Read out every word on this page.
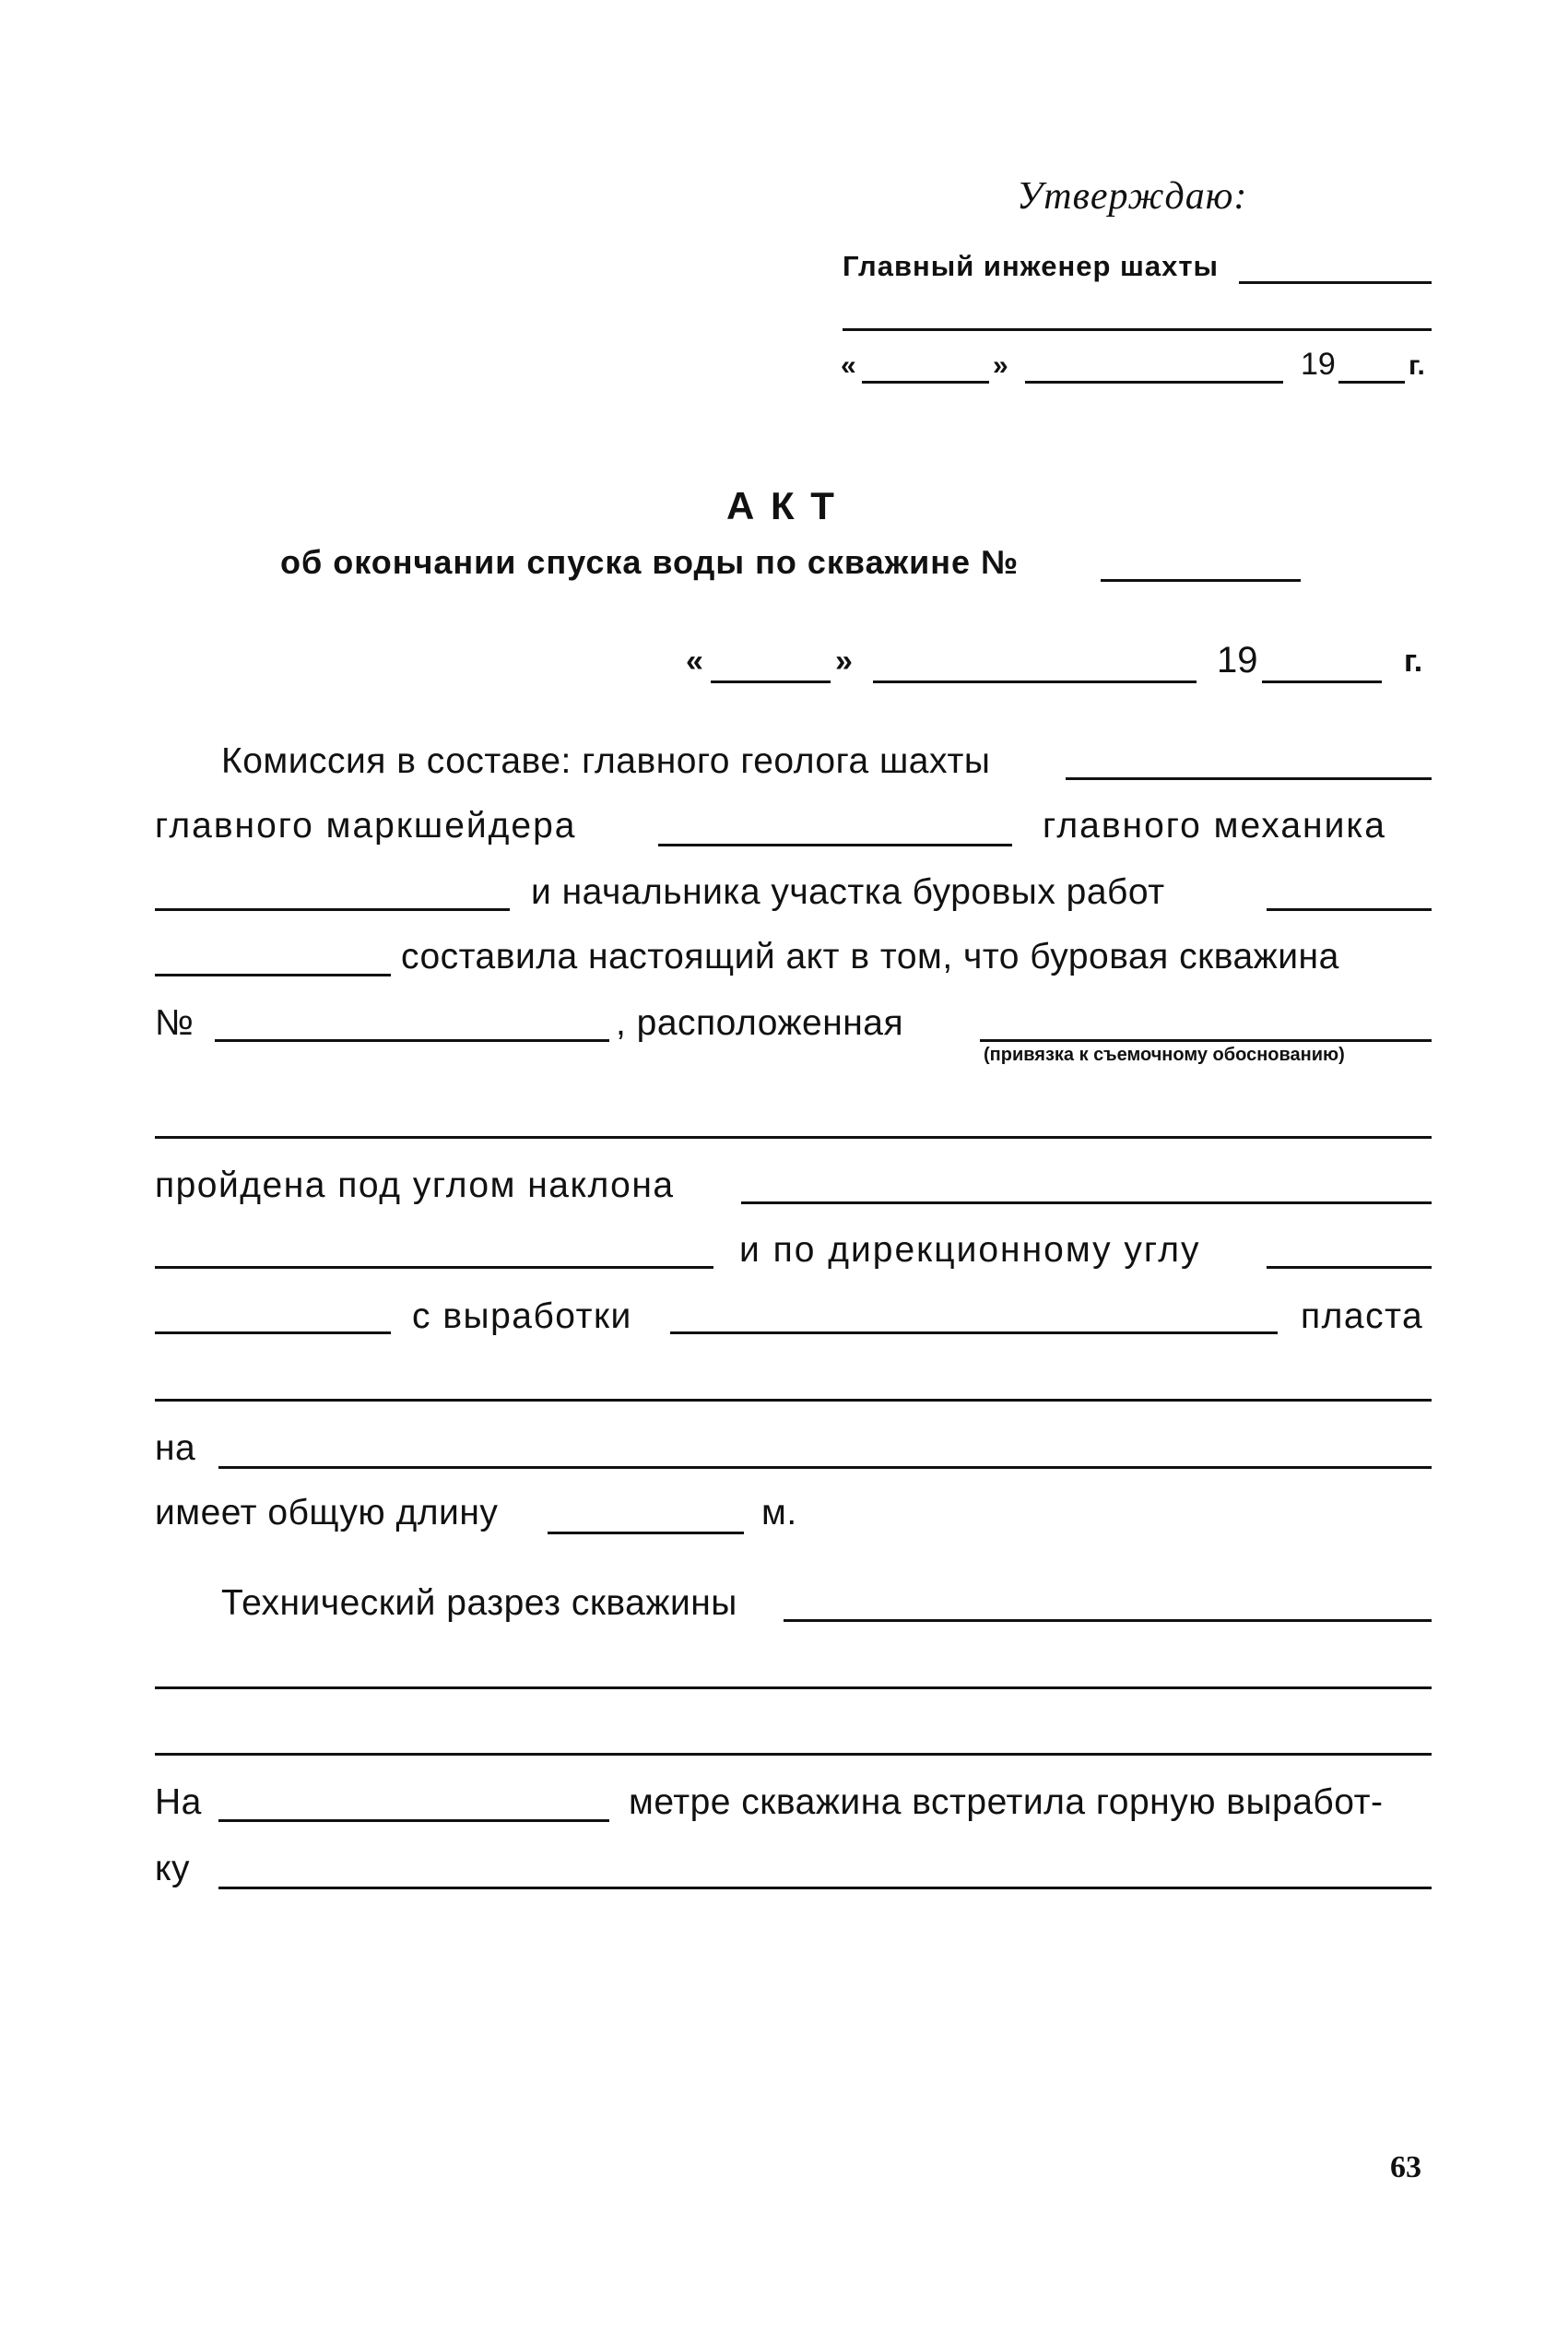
Утверждаю:
Главный инженер шахты
«	»	19	г.
А К Т
об окончании спуска воды по скважине №
«	»	19	г.
Комиссия в составе: главного геолога шахты
главного маркшейдера	главного механика
и начальника участка буровых работ
составила настоящий акт в том, что буровая скважина
№	, расположенная
(привязка к съемочному обоснованию)
пройдена под углом наклона
и по дирекционному углу
с выработки	пласта
на
имеет общую длину	м.
Технический разрез скважины
На	метре скважина встретила горную выработ-
ку
63
